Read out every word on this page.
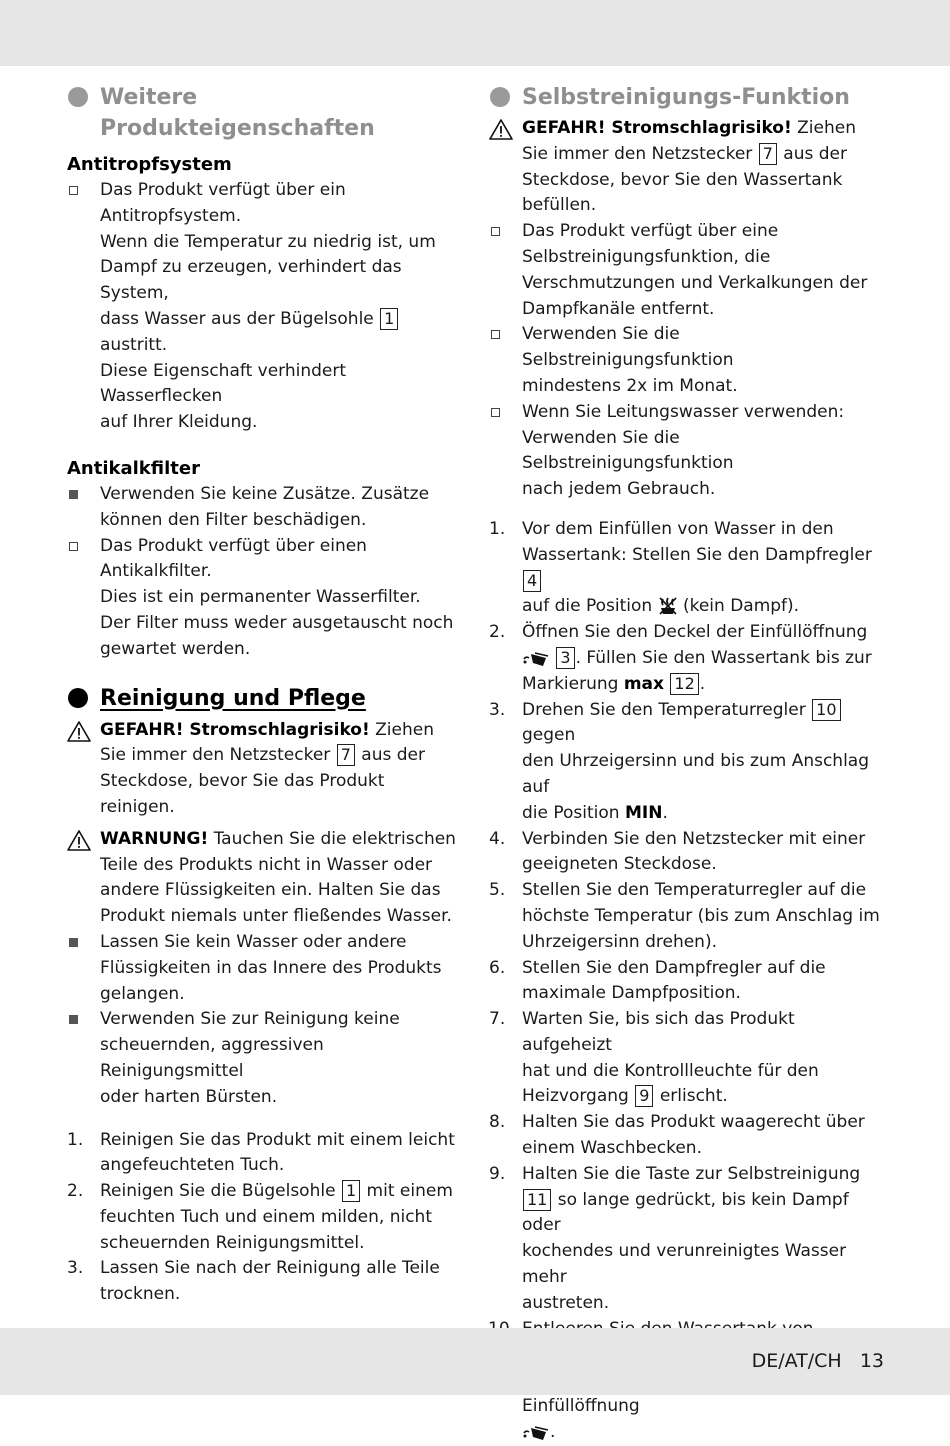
Weitere
Produkteigenschaften
Antitropfsystem
Das Produkt verfügt über ein Antitropfsystem.
Wenn die Temperatur zu niedrig ist, um
Dampf zu erzeugen, verhindert das System,
dass Wasser aus der Bügelsohle 1 austritt.
Diese Eigenschaft verhindert Wasserflecken
auf Ihrer Kleidung.
Antikalkfilter
Verwenden Sie keine Zusätze. Zusätze
können den Filter beschädigen.
Das Produkt verfügt über einen Antikalkfilter.
Dies ist ein permanenter Wasserfilter.
Der Filter muss weder ausgetauscht noch
gewartet werden.
Reinigung und Pflege
GEFAHR! Stromschlagrisiko! Ziehen
Sie immer den Netzstecker 7 aus der
Steckdose, bevor Sie das Produkt reinigen.
WARNUNG! Tauchen Sie die elektrischen
Teile des Produkts nicht in Wasser oder
andere Flüssigkeiten ein. Halten Sie das
Produkt niemals unter fließendes Wasser.
Lassen Sie kein Wasser oder andere
Flüssigkeiten in das Innere des Produkts
gelangen.
Verwenden Sie zur Reinigung keine
scheuernden, aggressiven Reinigungsmittel
oder harten Bürsten.
1. Reinigen Sie das Produkt mit einem leicht
angefeuchteten Tuch.
2. Reinigen Sie die Bügelsohle 1 mit einem
feuchten Tuch und einem milden, nicht
scheuernden Reinigungsmittel.
3. Lassen Sie nach der Reinigung alle Teile
trocknen.
Selbstreinigungs-Funktion
GEFAHR! Stromschlagrisiko! Ziehen
Sie immer den Netzstecker 7 aus der
Steckdose, bevor Sie den Wassertank
befüllen.
Das Produkt verfügt über eine
Selbstreinigungsfunktion, die
Verschmutzungen und Verkalkungen der
Dampfkanäle entfernt.
Verwenden Sie die Selbstreinigungsfunktion
mindestens 2x im Monat.
Wenn Sie Leitungswasser verwenden:
Verwenden Sie die Selbstreinigungsfunktion
nach jedem Gebrauch.
1. Vor dem Einfüllen von Wasser in den
Wassertank: Stellen Sie den Dampfregler 4
auf die Position (kein Dampf).
2. Öffnen Sie den Deckel der Einfüllöffnung
3 . Füllen Sie den Wassertank bis zur
Markierung max 12 .
3. Drehen Sie den Temperaturregler 10 gegen
den Uhrzeigersinn und bis zum Anschlag auf
die Position MIN.
4. Verbinden Sie den Netzstecker mit einer
geeigneten Steckdose.
5. Stellen Sie den Temperaturregler auf die
höchste Temperatur (bis zum Anschlag im
Uhrzeigersinn drehen).
6. Stellen Sie den Dampfregler auf die
maximale Dampfposition.
7. Warten Sie, bis sich das Produkt aufgeheizt
hat und die Kontrollleuchte für den
Heizvorgang 9 erlischt.
8. Halten Sie das Produkt waagerecht über
einem Waschbecken.
9. Halten Sie die Taste zur Selbstreinigung
11 so lange gedrückt, bis kein Dampf oder
kochendes und verunreinigtes Wasser mehr
austreten.

Einfüllöffnung
.
DE/AT/CH 13
